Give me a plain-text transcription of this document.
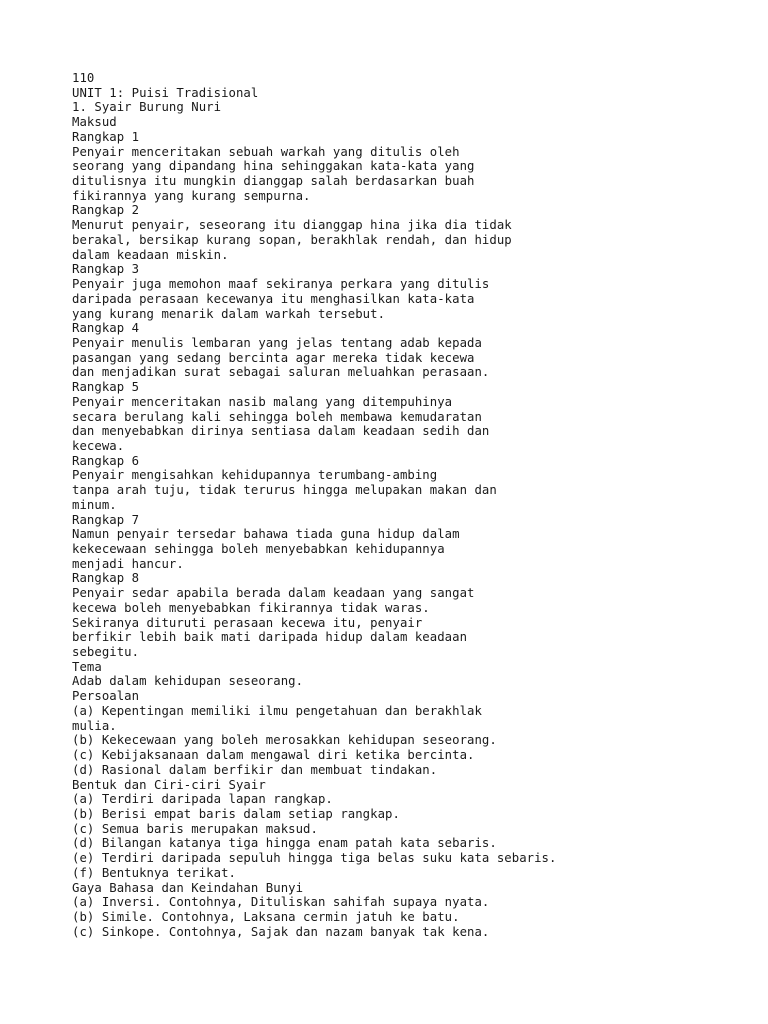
110
UNIT 1: Puisi Tradisional
1. Syair Burung Nuri
Maksud
Rangkap 1
Penyair menceritakan sebuah warkah yang ditulis oleh
seorang yang dipandang hina sehinggakan kata-kata yang
ditulisnya itu mungkin dianggap salah berdasarkan buah
fikirannya yang kurang sempurna.
Rangkap 2
Menurut penyair, seseorang itu dianggap hina jika dia tidak
berakal, bersikap kurang sopan, berakhlak rendah, dan hidup
dalam keadaan miskin.
Rangkap 3
Penyair juga memohon maaf sekiranya perkara yang ditulis
daripada perasaan kecewanya itu menghasilkan kata-kata
yang kurang menarik dalam warkah tersebut.
Rangkap 4
Penyair menulis lembaran yang jelas tentang adab kepada
pasangan yang sedang bercinta agar mereka tidak kecewa
dan menjadikan surat sebagai saluran meluahkan perasaan.
Rangkap 5
Penyair menceritakan nasib malang yang ditempuhinya
secara berulang kali sehingga boleh membawa kemudaratan
dan menyebabkan dirinya sentiasa dalam keadaan sedih dan
kecewa.
Rangkap 6
Penyair mengisahkan kehidupannya terumbang-ambing
tanpa arah tuju, tidak terurus hingga melupakan makan dan
minum.
Rangkap 7
Namun penyair tersedar bahawa tiada guna hidup dalam
kekecewaan sehingga boleh menyebabkan kehidupannya
menjadi hancur.
Rangkap 8
Penyair sedar apabila berada dalam keadaan yang sangat
kecewa boleh menyebabkan fikirannya tidak waras.
Sekiranya dituruti perasaan kecewa itu, penyair
berfikir lebih baik mati daripada hidup dalam keadaan
sebegitu.
Tema
Adab dalam kehidupan seseorang.
Persoalan
(a) Kepentingan memiliki ilmu pengetahuan dan berakhlak
mulia.
(b) Kekecewaan yang boleh merosakkan kehidupan seseorang.
(c) Kebijaksanaan dalam mengawal diri ketika bercinta.
(d) Rasional dalam berfikir dan membuat tindakan.
Bentuk dan Ciri-ciri Syair
(a) Terdiri daripada lapan rangkap.
(b) Berisi empat baris dalam setiap rangkap.
(c) Semua baris merupakan maksud.
(d) Bilangan katanya tiga hingga enam patah kata sebaris.
(e) Terdiri daripada sepuluh hingga tiga belas suku kata sebaris.
(f) Bentuknya terikat.
Gaya Bahasa dan Keindahan Bunyi
(a) Inversi. Contohnya, Dituliskan sahifah supaya nyata.
(b) Simile. Contohnya, Laksana cermin jatuh ke batu.
(c) Sinkope. Contohnya, Sajak dan nazam banyak tak kena.
